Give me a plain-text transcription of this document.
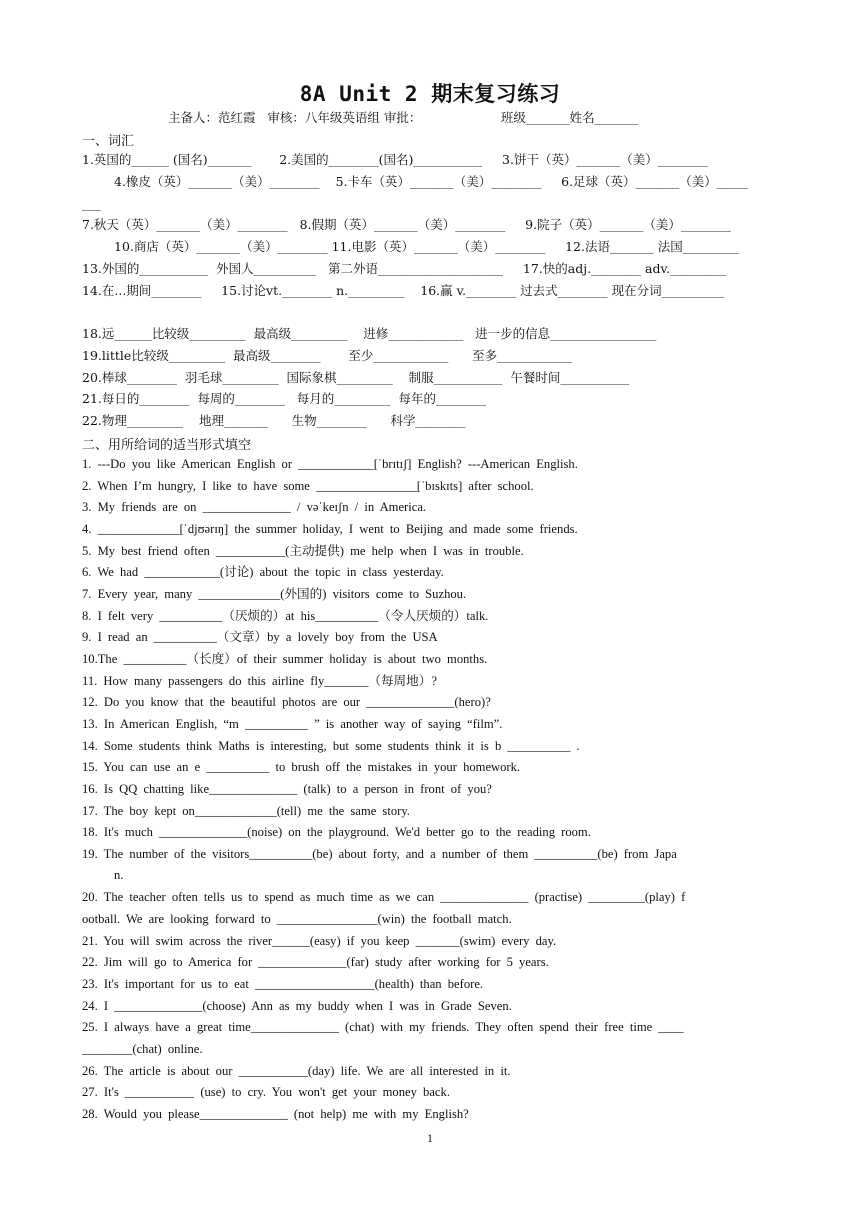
8A Unit 2 期末复习练习
主备人：范红霞   审核：八年级英语组 审批：                    班级_______姓名_______
一、词汇
1.英国的______ (国名)_______       2.美国的________(国名)___________     3.饼干（英）_______（美）________
4.橡皮（英）_______（美）________    5.卡车（英）_______（美）________     6.足球（英）_______（美）_____
___
7.秋天（英）_______（美）________   8.假期（英）_______（美）________     9.院子（英）_______（美）________
10.商店（英）_______（美）________ 11.电影（英）_______（美）________     12.法语_______ 法国_________
13.外国的___________  外国人__________   第二外语____________________     17.快的adj.________ adv._________
14.在...期间________     15.讨论vt.________ n._________    16.赢 v.________ 过去式________ 现在分词__________
18.远______比较级_________  最高级_________    进修____________   进一步的信息_________________
19.little比较级_________  最高级________       至少____________      至多____________
20.棒球________  羽毛球_________  国际象棋_________    制服___________  午餐时间___________
21.每日的________  每周的________   每月的_________  每年的________
22.物理_________    地理_______      生物________      科学________
二、用所给词的适当形式填空
1. ---Do you like American English or ____________[ˈbrɪtɪʃ] English? ---American English.
2. When I’m hungry, I like to have some ________________[ˈbɪskɪts] after school.
3. My friends are on ______________ / vəˈkeɪʃn / in America.
4. _____________[ˈdjʊərɪŋ] the summer holiday, I went to Beijing and made some friends.
5. My best friend often ___________(主动提供) me help when I was in trouble.
6. We had ____________(讨论) about the topic in class yesterday.
7. Every year, many _____________(外国的) visitors come to Suzhou.
8. I felt very __________（厌烦的）at his__________（令人厌烦的）talk.
9. I read an __________（文章）by a lovely boy from the USA
10.The __________（长度）of their summer holiday is about two months.
11. How many passengers do this airline fly_______（每周地）?
12. Do you know that the beautiful photos are our ______________(hero)?
13. In American English, “m __________ ” is another way of saying “film”.
14. Some students think Maths is interesting, but some students think it is b __________ .
15. You can use an e __________ to brush off the mistakes in your homework.
16. Is QQ chatting like______________ (talk) to a person in front of you?
17. The boy kept on_____________(tell) me the same story.
18. It's much ______________(noise) on the playground. We'd better go to the reading room.
19. The number of the visitors__________(be) about forty, and a number of them __________(be) from Japa
n.
20. The teacher often tells us to spend as much time as we can ______________ (practise) _________(play) f
ootball. We are looking forward to ________________(win) the football match.
21. You will swim across the river______(easy) if you keep _______(swim) every day.
22. Jim will go to America for ______________(far) study after working for 5 years.
23. It's important for us to eat ___________________(health) than before.
24. I ______________(choose) Ann as my buddy when I was in Grade Seven.
25. I always have a great time______________ (chat) with my friends. They often spend their free time ____
________(chat) online.
26. The article is about our ___________(day) life. We are all interested in it.
27. It's ___________ (use) to cry. You won't get your money back.
28. Would you please______________ (not help) me with my English?
1
